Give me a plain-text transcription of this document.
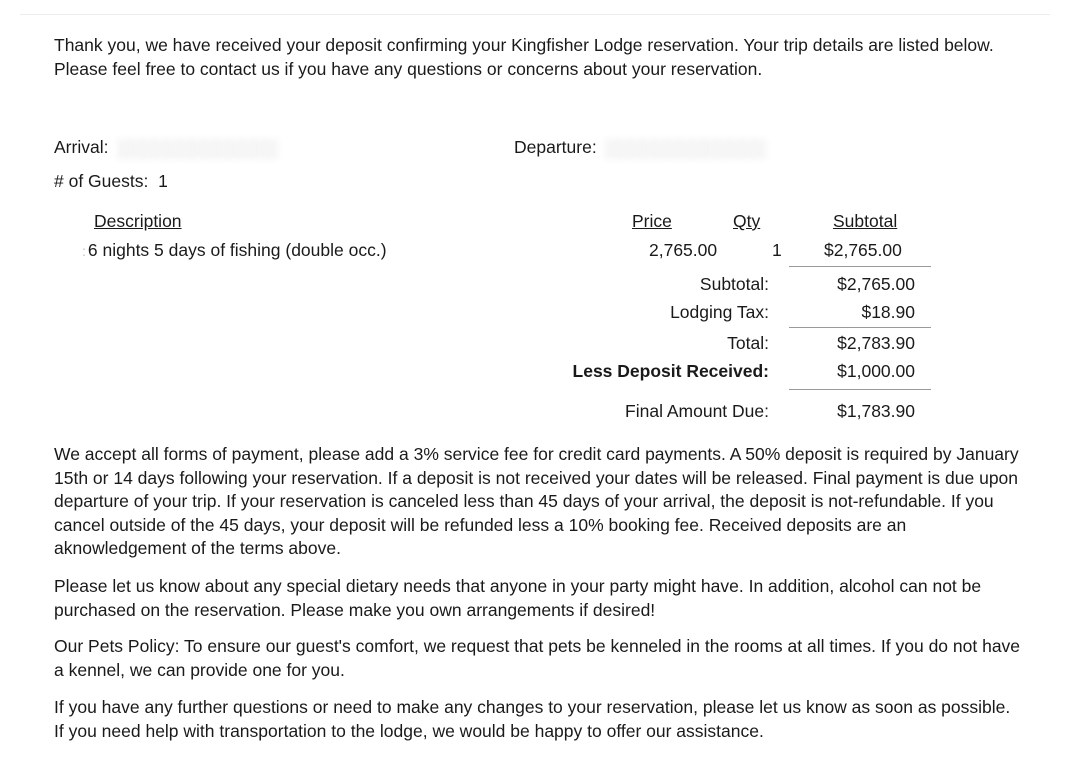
Thank you, we have received your deposit confirming your Kingfisher Lodge reservation. Your trip details are listed below. Please feel free to contact us if you have any questions or concerns about your reservation.

Arrival: ░░░░░░░░░░░░░	Departure: ░░░░░░░░░░░░░
# of Guests: 1
Description	Price	Qty	Subtotal
: 6 nights 5 days of fishing (double occ.)	2,765.00	1 $2,765.00
Subtotal:	$2,765.00
Lodging Tax:	$18.90
Total:	$2,783.90
Less Deposit Received:	$1,000.00
Final Amount Due:	$1,783.90

We accept all forms of payment, please add a 3% service fee for credit card payments. A 50% deposit is required by January 15th or 14 days following your reservation. If a deposit is not received your dates will be released. Final payment is due upon departure of your trip. If your reservation is canceled less than 45 days of your arrival, the deposit is not-refundable. If you cancel outside of the 45 days, your deposit will be refunded less a 10% booking fee. Received deposits are an aknowledgement of the terms above.

Please let us know about any special dietary needs that anyone in your party might have. In addition, alcohol can not be purchased on the reservation. Please make you own arrangements if desired!

Our Pets Policy: To ensure our guest's comfort, we request that pets be kenneled in the rooms at all times. If you do not have a kennel, we can provide one for you.

If you have any further questions or need to make any changes to your reservation, please let us know as soon as possible. If you need help with transportation to the lodge, we would be happy to offer our assistance.
